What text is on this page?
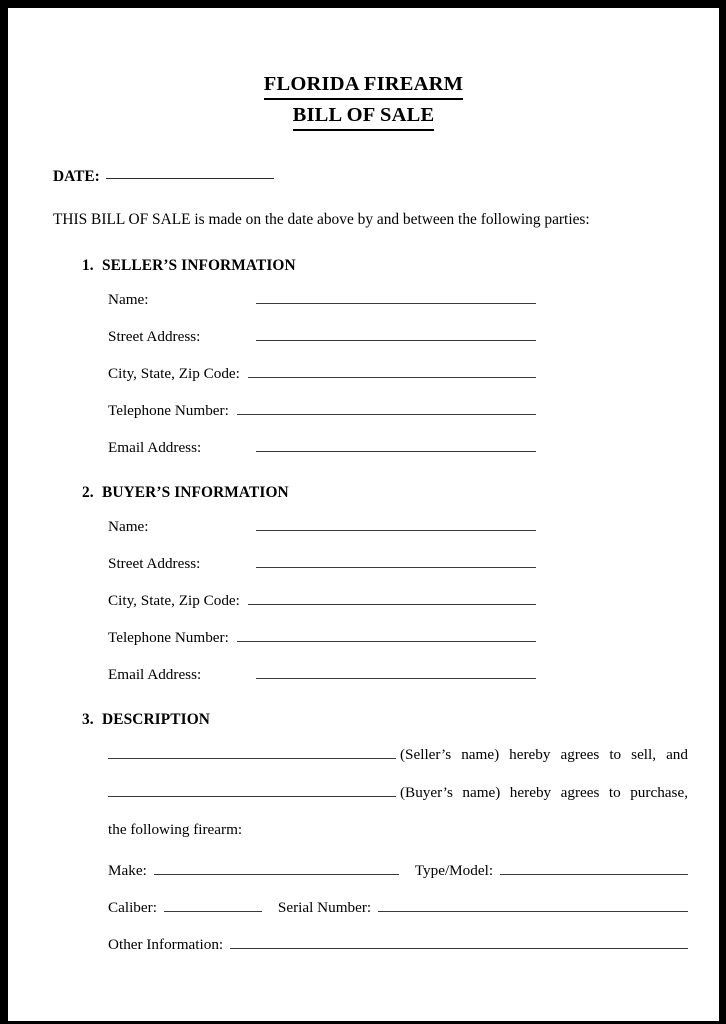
FLORIDA FIREARM
BILL OF SALE
DATE:
THIS BILL OF SALE is made on the date above by and between the following parties:
1. SELLER’S INFORMATION
Name:
Street Address:
City, State, Zip Code:
Telephone Number:
Email Address:
2. BUYER’S INFORMATION
Name:
Street Address:
City, State, Zip Code:
Telephone Number:
Email Address:
3. DESCRIPTION
(Seller’s name) hereby agrees to sell, and
(Buyer’s name) hereby agrees to purchase,
the following firearm:
Make:	Type/Model:
Caliber:	Serial Number:
Other Information:
